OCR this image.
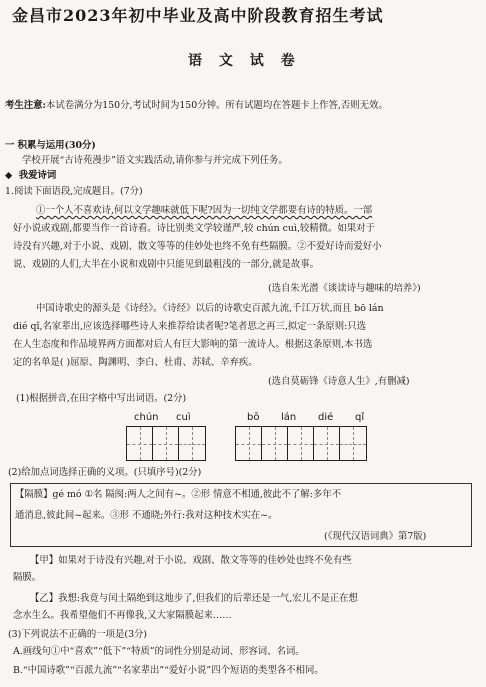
金昌市2023年初中毕业及高中阶段教育招生考试
语 文 试 卷
考生注意:本试卷满分为150分,考试时间为150分钟。所有试题均在答题卡上作答,否则无效。
一 积累与运用(30分)
学校开展“古诗苑漫步”语文实践活动,请你参与并完成下列任务。
◆  我爱诗词
1.阅读下面语段,完成题目。(7分)
①一个人不喜欢诗,何以文学趣味就低下呢?因为一切纯文学都要有诗的特质。一部
好小说或戏剧,都要当作一首诗看。诗比别类文学较谨严,较 chún cuì,较精微。如果对于
诗没有兴趣,对于小说、戏剧、散文等等的佳妙处也终不免有些隔膜。②不爱好诗而爱好小
说、戏剧的人们,大半在小说和戏剧中只能见到最粗浅的一部分,就是故事。
(选自朱光潜《谈读诗与趣味的培养》)
中国诗歌史的源头是《诗经》。《诗经》以后的诗歌史百派九流,千江万状,而且 bō lán
dié qǐ,名家辈出,应该选择哪些诗人来推荐给读者呢?笔者思之再三,拟定一条原则:只选
在人生态度和作品境界两方面都对后人有巨大影响的第一流诗人。根据这条原则,本书选
定的名单是( )屈原、陶渊明、李白、杜甫、苏轼、辛弃疾。
(选自莫砺锋《诗意人生》,有删减)
(1)根据拼音,在田字格中写出词语。(2分)
chún cuì	bō lán dié qǐ
(2)给加点词选择正确的义项。(只填序号)(2分)
【隔膜】gé mó ①名 隔阂:两人之间有~。②形 情意不相通,彼此不了解:多年不
通消息,彼此间~起来。③形 不通晓;外行:我对这种技术实在~。
(《现代汉语词典》第7版)
【甲】如果对于诗没有兴趣,对于小说、戏剧、散文等等的佳妙处也终不免有些
隔膜。
【乙】我想:我竟与闰土隔绝到这地步了,但我们的后辈还是一气,宏儿不是正在想
念水生么。我希望他们不再像我,又大家隔膜起来……
(3)下列说法不正确的一项是(3分)
A.画线句①中“喜欢”“低下”“特质”的词性分别是动词、形容词、名词。
B.“中国诗歌”“百派九流”“名家辈出”“爱好小说”四个短语的类型各不相同。
